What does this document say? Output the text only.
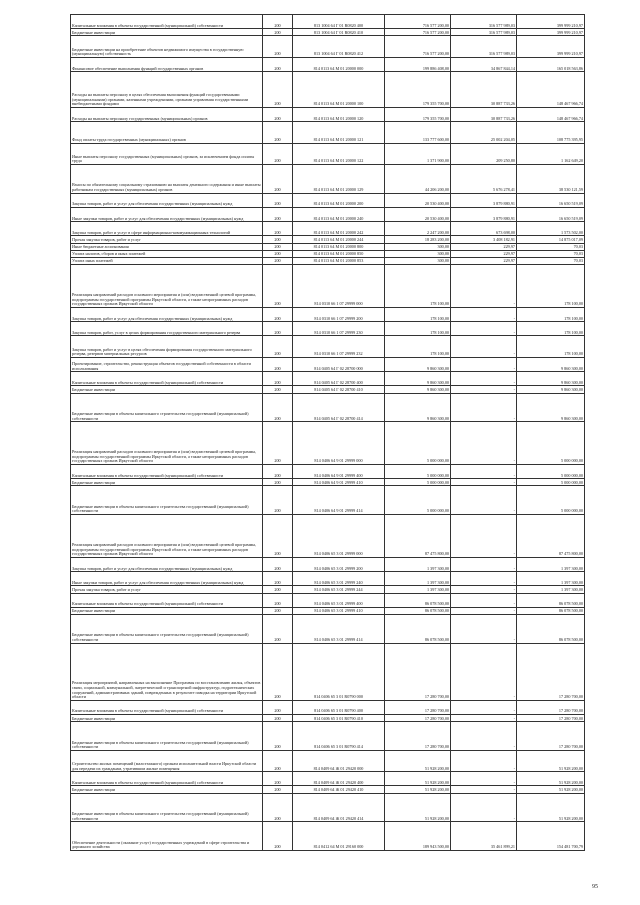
Капитальные вложения в объекты государственной (муниципальной) собственности	200	813 1004 64 Г 01 R0820 400	716 577 200,00	316 577 989,03	399 999 210,97
Бюджетные инвестиции	200	813 1004 64 Г 01 R0820 410	716 577 200,00	316 577 989,03	399 999 210,97
Бюджетные инвестиции на приобретение объектов недвижимого имущества в государственную (муниципальную) собственность	200	813 1004 64 Г 01 R0820 412	716 577 200,00	316 577 989,03	399 999 210,97
Финансовое обеспечение выполнения функций государственных органов	200	814 0113 64 М 01 20000 000	199 886 408,00	34 867 844,14	165 018 563,86
Расходы на выплаты персоналу в целях обеспечения выполнения функций государственными (муниципальными) органами, казенными учреждениями, органами управления государственными внебюджетными фондами	200	814 0113 64 М 01 20000 100	179 355 700,00	30 887 733,26	148 467 966,74
Расходы на выплаты персоналу государственных (муниципальных) органов	200	814 0113 64 М 01 20000 120	179 355 700,00	30 887 733,26	148 467 966,74
Фонд оплаты труда государственных (муниципальных) органов	200	814 0113 64 М 01 20000 121	133 777 600,00	25 002 204,05	108 775 395,95
Иные выплаты персоналу государственных (муниципальных) органов, за исключением фонда оплаты труда	200	814 0113 64 М 01 20000 122	1 371 900,00	209 250,80	1 162 649,20
Взносы по обязательному социальному страхованию на выплаты денежного содержания и иные выплаты работникам государственных (муниципальных) органов	200	814 0113 64 М 01 20000 129	44 206 200,00	5 676 278,41	38 530 121,59
Закупка товаров, работ и услуг для обеспечения государственных (муниципальных) нужд	200	814 0113 64 М 01 20000 200	20 530 400,00	3 879 880,91	16 650 519,09
Иные закупки товаров, работ и услуг для обеспечения государственных (муниципальных) нужд	200	814 0113 64 М 01 20000 240	20 530 400,00	3 879 880,91	16 650 519,09
Закупка товаров, работ и услуг в сфере информационно-коммуникационных технологий	200	814 0113 64 М 01 20000 242	2 247 200,00	673 698,00	1 573 502,00
Прочая закупка товаров, работ и услуг	200	814 0113 64 М 01 20000 244	18 283 200,00	3 408 182,91	14 875 017,09
Иные бюджетные ассигнования	200	814 0113 64 М 01 20000 800	300,00	229,97	70,03
Уплата налогов, сборов и иных платежей	200	814 0113 64 М 01 20000 850	300,00	229,97	70,03
Уплата иных платежей	200	814 0113 64 М 01 20000 853	300,00	229,97	70,03
Реализация направлений расходов основного мероприятия и (или) ведомственной целевой программы, подпрограммы государственной программы Иркутской области, а также непрограммных расходов государственных органов Иркутской области	200	814 0310 66 1 07 29999 000	178 100,00	-	178 100,00
Закупка товаров, работ и услуг для обеспечения государственных (муниципальных) нужд	200	814 0310 66 1 07 29999 200	178 100,00	-	178 100,00
Закупка товаров, работ, услуг в целях формирования государственного материального резерва	200	814 0310 66 1 07 29999 230	178 100,00	-	178 100,00
Закупка товаров, работ и услуг в целях обеспечения формирования государственного материального резерва, резервов материальных ресурсов	200	814 0310 66 1 07 29999 232	178 100,00	-	178 100,00
Проектирование, строительство, реконструкция объектов государственной собственности в области использования	200	814 0405 64 Г 02 28700 000	9 860 300,00	-	9 860 300,00
Капитальные вложения в объекты государственной (муниципальной) собственности	200	814 0405 64 Г 02 28700 400	9 860 300,00	-	9 860 300,00
Бюджетные инвестиции	200	814 0405 64 Г 02 28700 410	9 860 300,00	-	9 860 300,00
Бюджетные инвестиции в объекты капитального строительства государственной (муниципальной) собственности	200	814 0405 64 Г 02 28700 414	9 860 300,00	-	9 860 300,00
Реализация направлений расходов основного мероприятия и (или) ведомственной целевой программы, подпрограммы государственной программы Иркутской области, а также непрограммных расходов государственных органов Иркутской области	200	814 0406 64 9 01 29999 000	5 000 000,00	-	5 000 000,00
Капитальные вложения в объекты государственной (муниципальной) собственности	200	814 0406 64 9 01 29999 400	5 000 000,00	-	5 000 000,00
Бюджетные инвестиции	200	814 0406 64 9 01 29999 410	5 000 000,00	-	5 000 000,00
Бюджетные инвестиции в объекты капитального строительства государственной (муниципальной) собственности	200	814 0406 64 9 01 29999 414	5 000 000,00	-	5 000 000,00
Реализация направлений расходов основного мероприятия и (или) ведомственной целевой программы, подпрограммы государственной программы Иркутской области, а также непрограммных расходов государственных органов Иркутской области	200	814 0406 65 3 01 29999 000	87 475 800,00	-	87 475 800,00
Закупка товаров, работ и услуг для обеспечения государственных (муниципальных) нужд	200	814 0406 65 3 01 29999 200	1 397 300,00	-	1 397 300,00
Иные закупки товаров, работ и услуг для обеспечения государственных (муниципальных) нужд	200	814 0406 65 3 01 29999 240	1 397 300,00	-	1 397 300,00
Прочая закупка товаров, работ и услуг	200	814 0406 65 3 01 29999 244	1 397 300,00	-	1 397 300,00
Капитальные вложения в объекты государственной (муниципальной) собственности	200	814 0406 65 3 01 29999 400	86 078 500,00	-	86 078 500,00
Бюджетные инвестиции	200	814 0406 65 3 01 29999 410	86 078 500,00	-	86 078 500,00
Бюджетные инвестиции в объекты капитального строительства государственной (муниципальной) собственности	200	814 0406 65 3 01 29999 414	86 078 500,00	-	86 078 500,00
Реализация мероприятий, направленных на выполнение Программы по восстановлению жилья, объектов связи, социальной, коммунальной, энергетической и транспортной инфраструктур, гидротехнических сооружений, административных зданий, поврежденных в результате паводка на территории Иркутской области	200	814 0406 65 3 01 R0790 000	17 280 700,00	-	17 280 700,00
Капитальные вложения в объекты государственной (муниципальной) собственности	200	814 0406 65 3 01 R0790 400	17 280 700,00	-	17 280 700,00
Бюджетные инвестиции	200	814 0406 65 3 01 R0790 410	17 280 700,00	-	17 280 700,00
Бюджетные инвестиции в объекты капитального строительства государственной (муниципальной) собственности	200	814 0406 65 3 01 R0790 414	17 280 700,00	-	17 280 700,00
Строительство жилых помещений (малоэтажного) органам исполнительной власти Иркутской области для передачи их гражданам, утратившим жилые помещения	200	814 0409 64 Ж 01 29420 000	51 928 200,00	-	51 928 200,00
Капитальные вложения в объекты государственной (муниципальной) собственности	200	814 0409 64 Ж 01 29420 400	51 928 200,00	-	51 928 200,00
Бюджетные инвестиции	200	814 0409 64 Ж 01 29420 410	51 928 200,00	-	51 928 200,00
Бюджетные инвестиции в объекты капитального строительства государственной (муниципальной) собственности	200	814 0409 64 Ж 01 29420 414	51 928 200,00	-	51 928 200,00
Обеспечение деятельности (оказание услуг) государственных учреждений в сфере строительства и дорожного хозяйства	200	814 0412 64 М 01 29160 000	189 943 500,00	35 461 899,21	154 481 700,79
95
